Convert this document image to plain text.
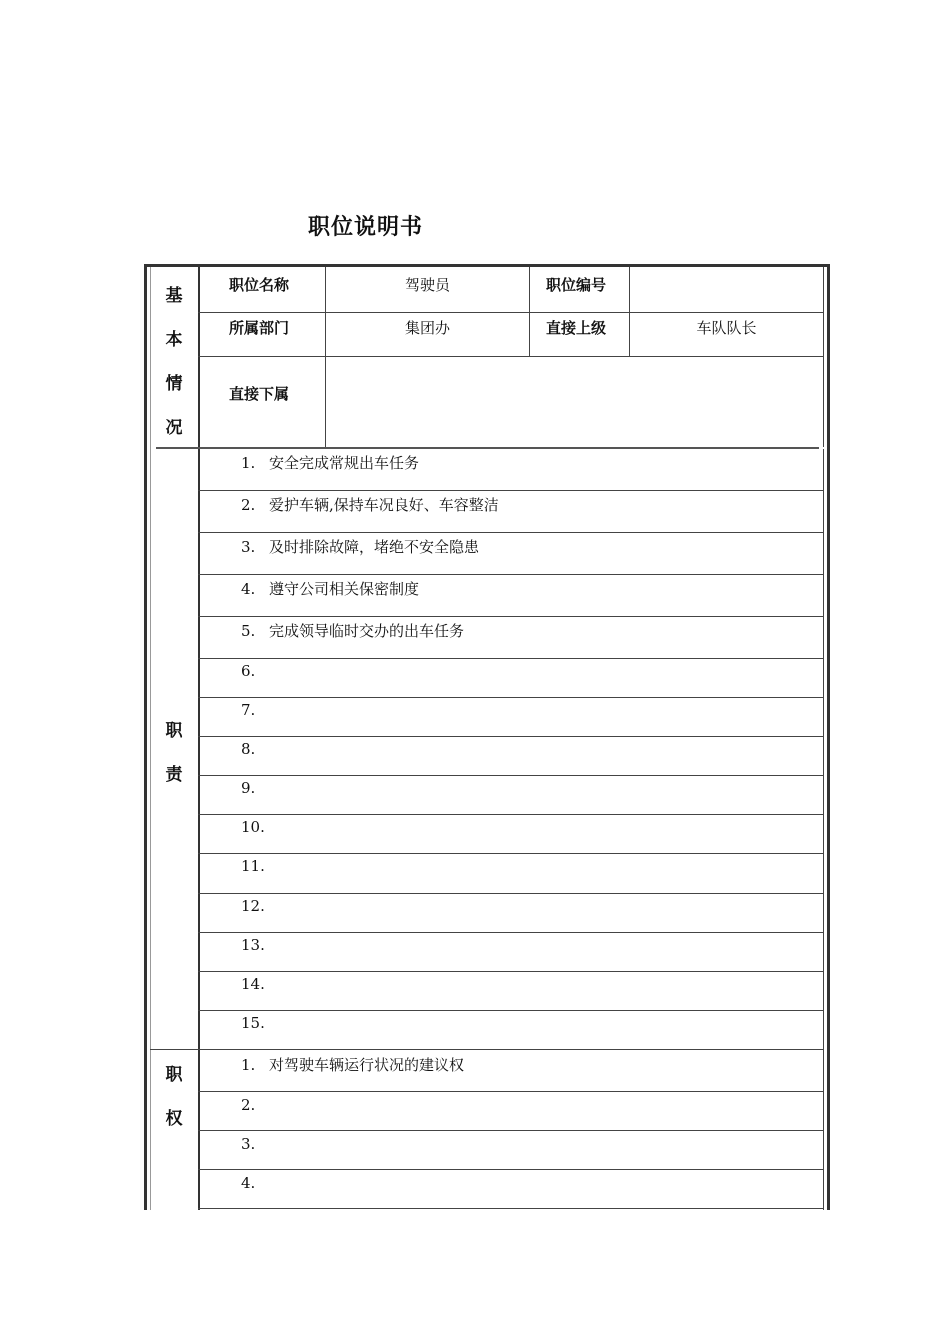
职位说明书
基
本
情
况
职位名称	驾驶员	职位编号
所属部门	集团办	直接上级	车队队长
直接下属
职
责
1. 安全完成常规出车任务
2. 爱护车辆,保持车况良好、车容整洁
3. 及时排除故障，堵绝不安全隐患
4. 遵守公司相关保密制度
5. 完成领导临时交办的出车任务
6.
7.
8.
9.
10.
11.
12.
13.
14.
15.
职
权
1. 对驾驶车辆运行状况的建议权
2.
3.
4.
